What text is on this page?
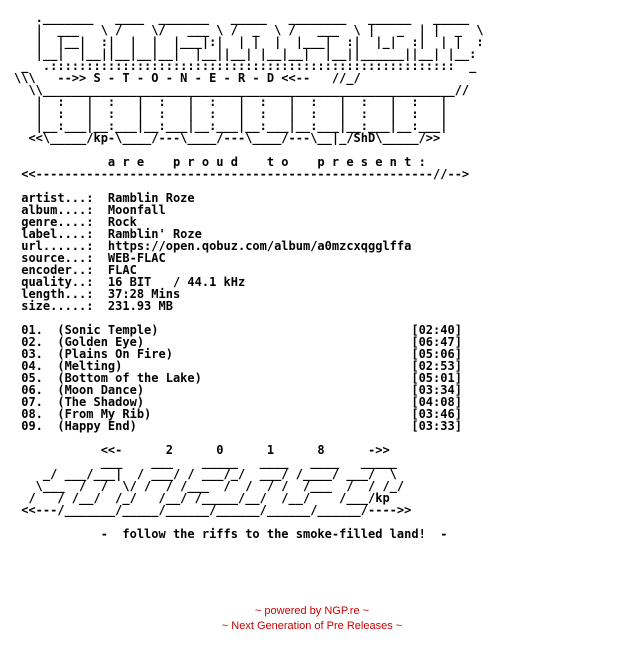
._______   ____  _______   _____   ________   ______   _____
|  ___   \ /    \/   ___ \ /  _  \ /   ___  \ |   _  | |  _  \
|  |__|  :|  |  |  |___|:|  | |  |  |___|  :|  |_|  :|  | |  :
|__|  |__||__|__|__|  |__||__| |__|__|  |__||______||__| |__:
_  .::::::::::::::::::::::::::::::::::::::::::::::::::::::::  _
\\\   -->> S - T - O - N - E - R - D <<--   //_/
\\_________________________________________________________//
|  :   |  :   |  :   |  :   |  :   |  :   |  :   |  :   |
|  :   |  :   |  :   |  :   |  :   |  :   |  :   |  :   |
|__:___|__:___|__:___|__:___|__:___|__:___|__:___|__:___|
<<\_____/kp-\____/---\____/---\____/---\__|_/ShD\_____/>>

a r e    p r o u d    t o    p r e s e n t :
<<-------------------------------------------------------//-->

artist...:  Ramblin Roze
album....:  Moonfall
genre....:  Rock
label....:  Ramblin' Roze
url......:  https://open.qobuz.com/album/a0mzcxqgglffa
source...:  WEB-FLAC
encoder..:  FLAC
quality..:  16 BIT   / 44.1 kHz
length...:  37:28 Mins
size.....:  231.93 MB

01.  (Sonic Temple)                                   [02:40]
02.  (Golden Eye)                                     [06:47]
03.  (Plains On Fire)                                 [05:06]
04.  (Melting)                                        [02:53]
05.  (Bottom of the Lake)                             [05:01]
06.  (Moon Dance)                                     [03:34]
07.  (The Shadow)                                     [04:08]
08.  (From My Rib)                                    [03:46]
09.  (Happy End)                                      [03:33]

<<-      2      0      1      8      ->>
___    ___    _____   ____   ____   _____
_/ ___/___|  / ___/ / ___/_/  ___/ /____/ ___/  \
\___  /  /  \/ /  / /___  /  /  / /  /___  /  / /_/
/   / /__/  /_/   /__/ /_____/__/  /__/    /___/kp
<<---/_______/_____/______/______/______/______/---->>

-  follow the riffs to the smoke-filled land!  -
~ powered by NGP.re ~
~ Next Generation of Pre Releases ~
